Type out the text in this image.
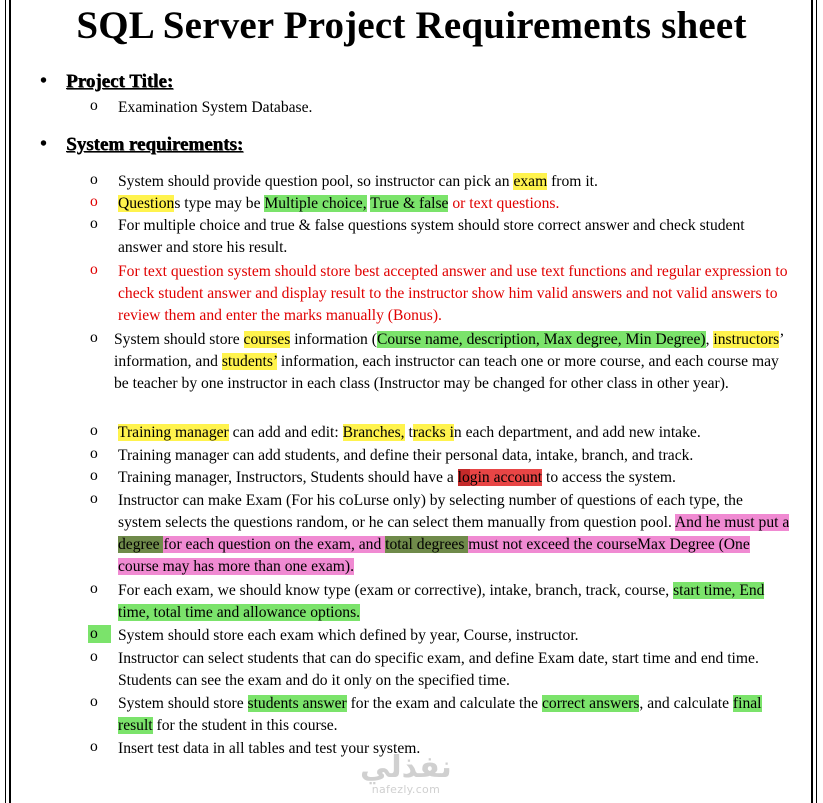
SQL Server Project Requirements sheet
• Project Title:
o	Examination System Database.
• System requirements:
o	System should provide question pool, so instructor can pick an exam from it.
o	Questions type may be Multiple choice, True & false or text questions.
o	For multiple choice and true & false questions system should store correct answer and check student answer and store his result.
o	For text question system should store best accepted answer and use text functions and regular expression to check student answer and display result to the instructor show him valid answers and not valid answers to review them and enter the marks manually (Bonus).
o	System should store courses information (Course name, description, Max degree, Min Degree), instructors’ information, and students’ information, each instructor can teach one or more course, and each course may be teacher by one instructor in each class (Instructor may be changed for other class in other year).
o	Training manager can add and edit: Branches, tracks in each department, and add new intake.
o	Training manager can add students, and define their personal data, intake, branch, and track.
o	Training manager, Instructors, Students should have a login account to access the system.
o	Instructor can make Exam (For his coLurse only) by selecting number of questions of each type, the system selects the questions random, or he can select them manually from question pool. And he must put a degree for each question on the exam, and total degrees must not exceed the courseMax Degree (One course may has more than one exam).
o	For each exam, we should know type (exam or corrective), intake, branch, track, course, start time, End time, total time and allowance options.
o	System should store each exam which defined by year, Course, instructor.
o	Instructor can select students that can do specific exam, and define Exam date, start time and end time. Students can see the exam and do it only on the specified time.
o	System should store students answer for the exam and calculate the correct answers, and calculate final result for the student in this course.
o	Insert test data in all tables and test your system.
نفذلي
nafezly.com
